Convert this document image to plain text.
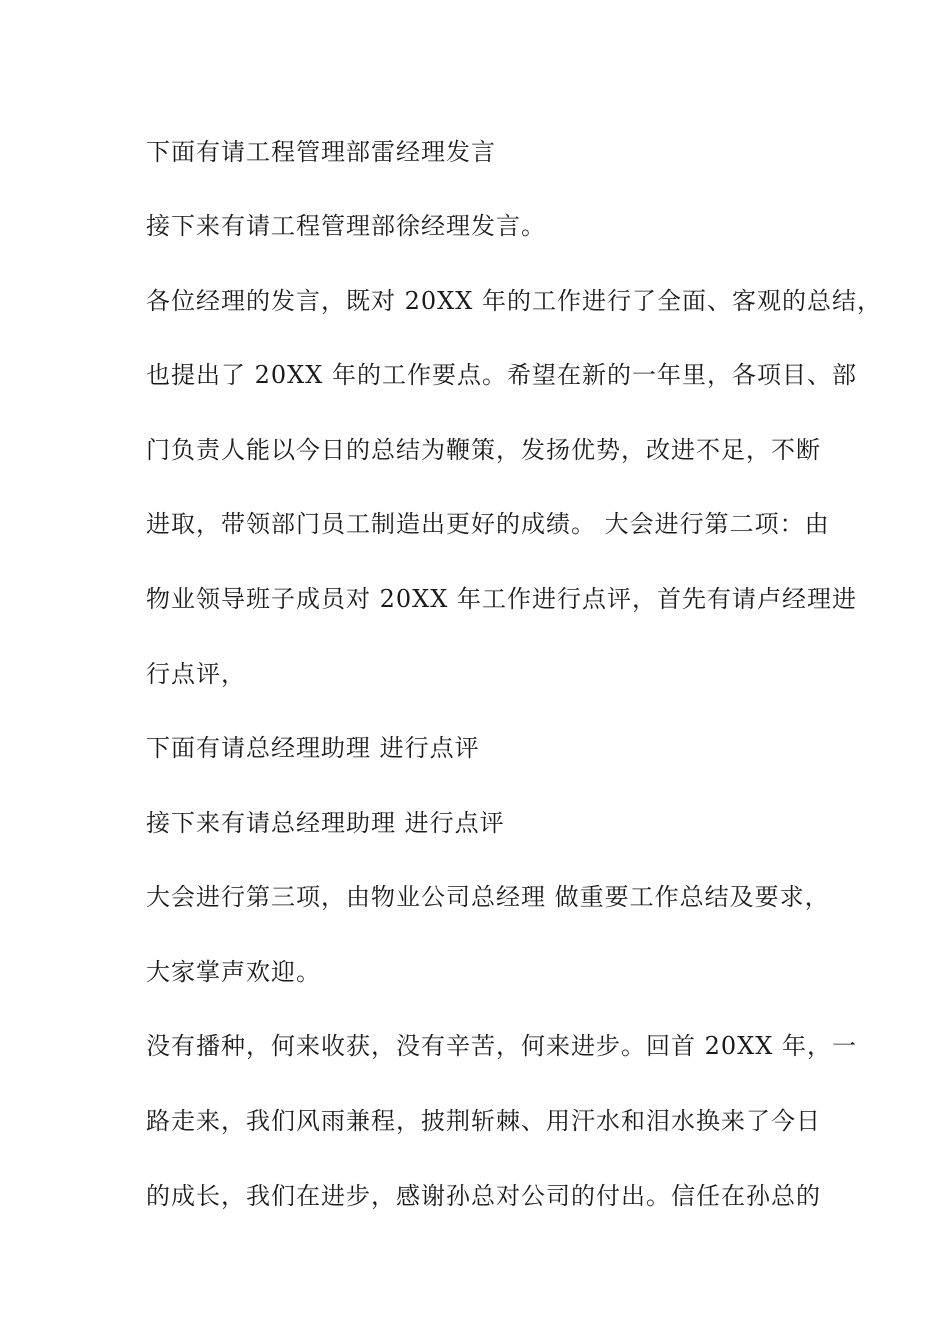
下面有请工程管理部雷经理发言
接下来有请工程管理部徐经理发言。
各位经理的发言，既对 20XX 年的工作进行了全面、客观的总结，
也提出了 20XX 年的工作要点。希望在新的一年里，各项目、部
门负责人能以今日的总结为鞭策，发扬优势，改进不足，不断
进取，带领部门员工制造出更好的成绩。 大会进行第二项：由
物业领导班子成员对 20XX 年工作进行点评，首先有请卢经理进
行点评，
下面有请总经理助理 进行点评
接下来有请总经理助理 进行点评
大会进行第三项，由物业公司总经理 做重要工作总结及要求，
大家掌声欢迎。
没有播种，何来收获，没有辛苦，何来进步。回首 20XX 年，一
路走来，我们风雨兼程，披荆斩棘、用汗水和泪水换来了今日
的成长，我们在进步，感谢孙总对公司的付出。信任在孙总的
